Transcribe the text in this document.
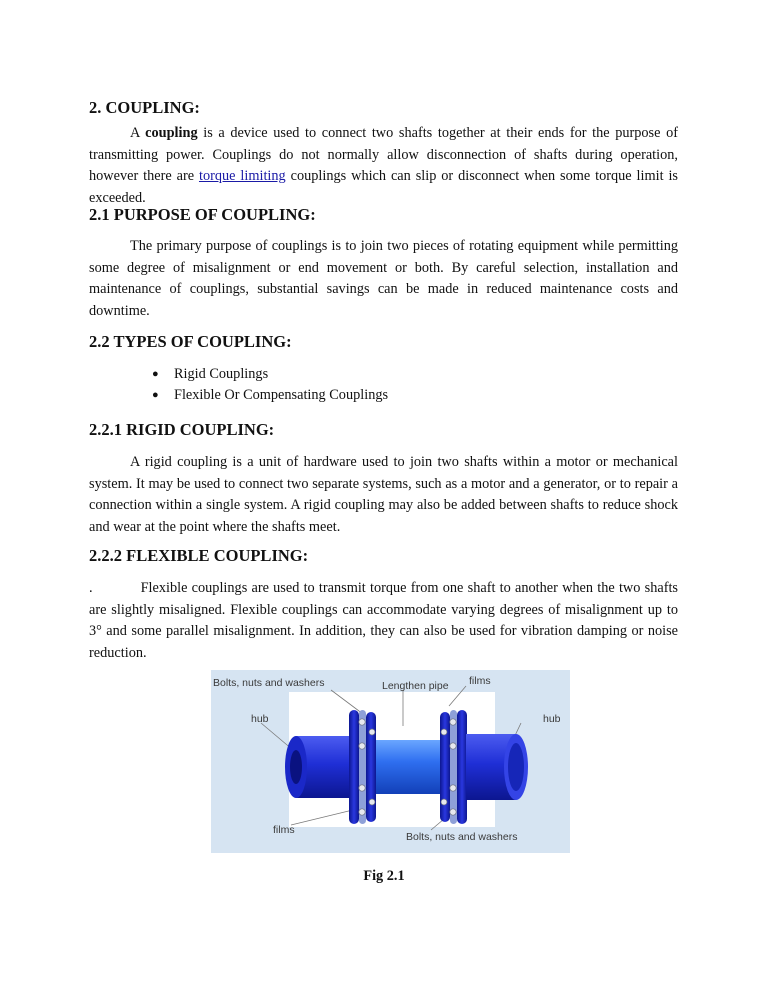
2. COUPLING:

A coupling is a device used to connect two shafts together at their ends for the purpose of transmitting power. Couplings do not normally allow disconnection of shafts during operation, however there are torque limiting couplings which can slip or disconnect when some torque limit is exceeded.

2.1 PURPOSE OF COUPLING:

The primary purpose of couplings is to join two pieces of rotating equipment while permitting some degree of misalignment or end movement or both. By careful selection, installation and maintenance of couplings, substantial savings can be made in reduced maintenance costs and downtime.

2.2 TYPES OF COUPLING:
● Rigid Couplings
● Flexible Or Compensating Couplings
2.2.1 RIGID COUPLING:

A rigid coupling is a unit of hardware used to join two shafts within a motor or mechanical system. It may be used to connect two separate systems, such as a motor and a generator, or to repair a connection within a single system. A rigid coupling may also be added between shafts to reduce shock and wear at the point where the shafts meet.

2.2.2 FLEXIBLE COUPLING:

.	Flexible couplings are used to transmit torque from one shaft to another when the two shafts are slightly misaligned. Flexible couplings can accommodate varying degrees of misalignment up to 3° and some parallel misalignment. In addition, they can also be used for vibration damping or noise reduction.

Bolts, nuts and washers	Lengthen pipe films
hub	hub
films
Bolts, nuts and washers
Fig 2.1
